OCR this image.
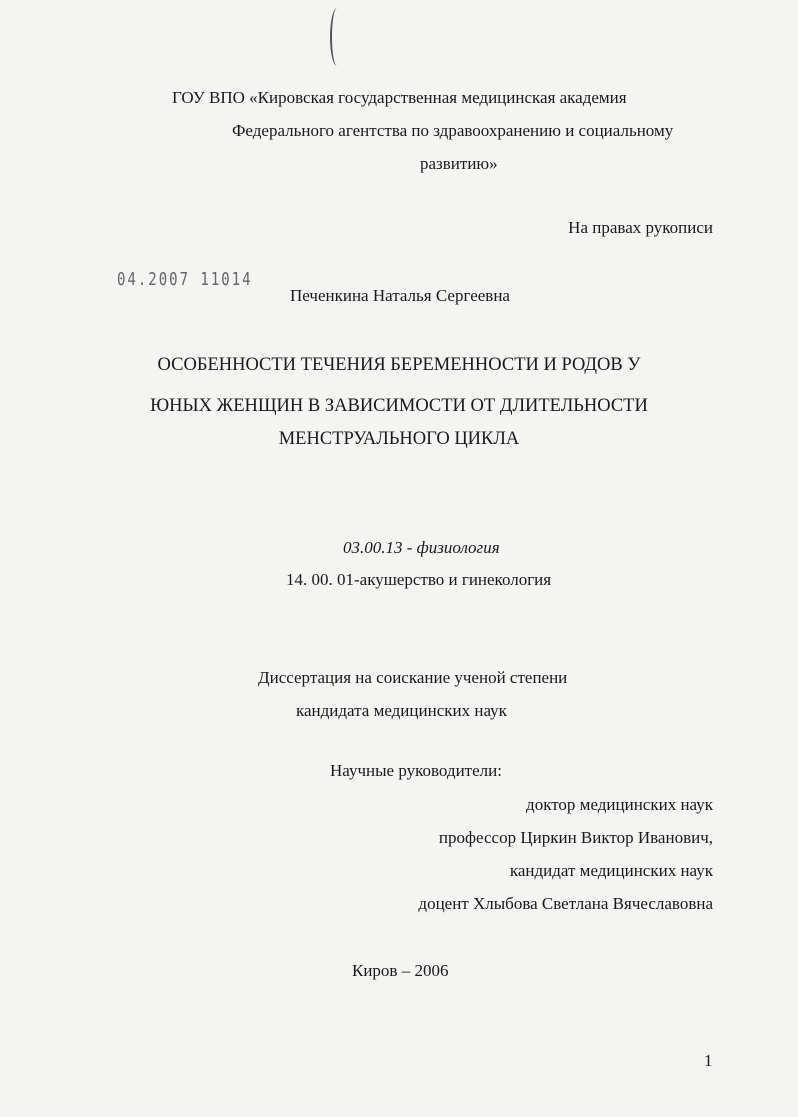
ГОУ ВПО «Кировская государственная медицинская академия
Федерального агентства по здравоохранению и социальному
развитию»
На правах рукописи
04.2007 11014
Печенкина Наталья Сергеевна
ОСОБЕННОСТИ ТЕЧЕНИЯ БЕРЕМЕННОСТИ И РОДОВ У
ЮНЫХ ЖЕНЩИН В ЗАВИСИМОСТИ ОТ ДЛИТЕЛЬНОСТИ
МЕНСТРУАЛЬНОГО ЦИКЛА
03.00.13 - физиология
14. 00. 01-акушерство и гинекология
Диссертация на соискание ученой степени
кандидата медицинских наук
Научные руководители:
доктор медицинских наук
профессор Циркин Виктор Иванович,
кандидат медицинских наук
доцент Хлыбова Светлана Вячеславовна
Киров – 2006
1
